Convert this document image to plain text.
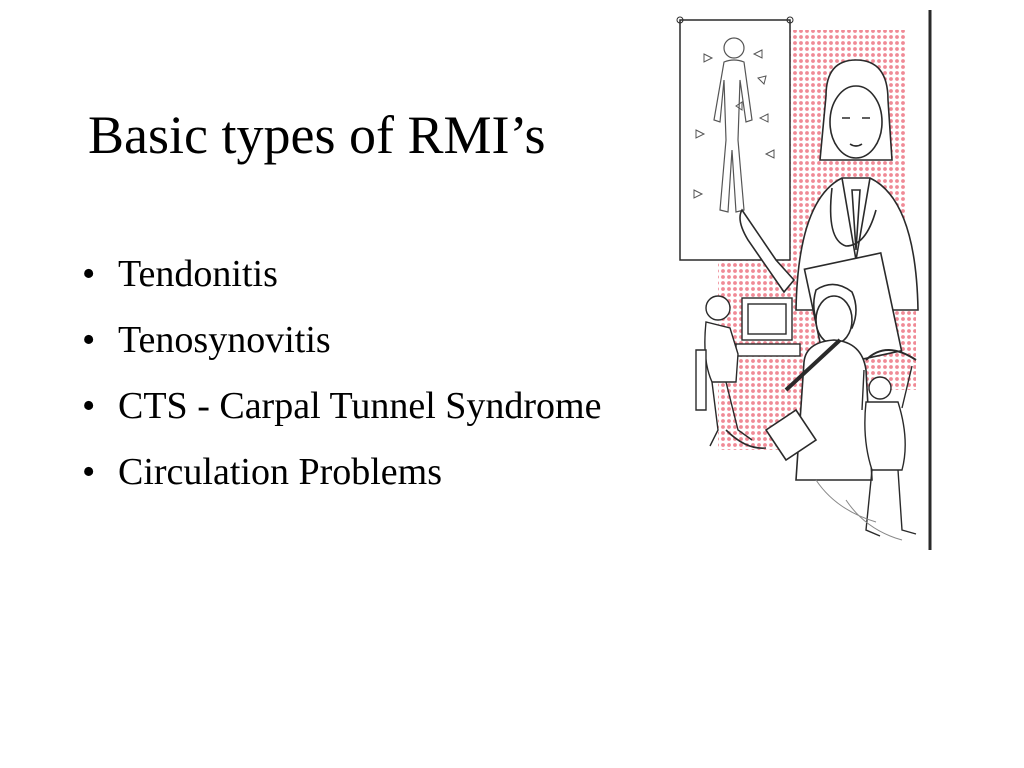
Basic types of RMI’s
• Tendonitis
• Tenosynovitis
• CTS - Carpal Tunnel Syndrome
• Circulation Problems
